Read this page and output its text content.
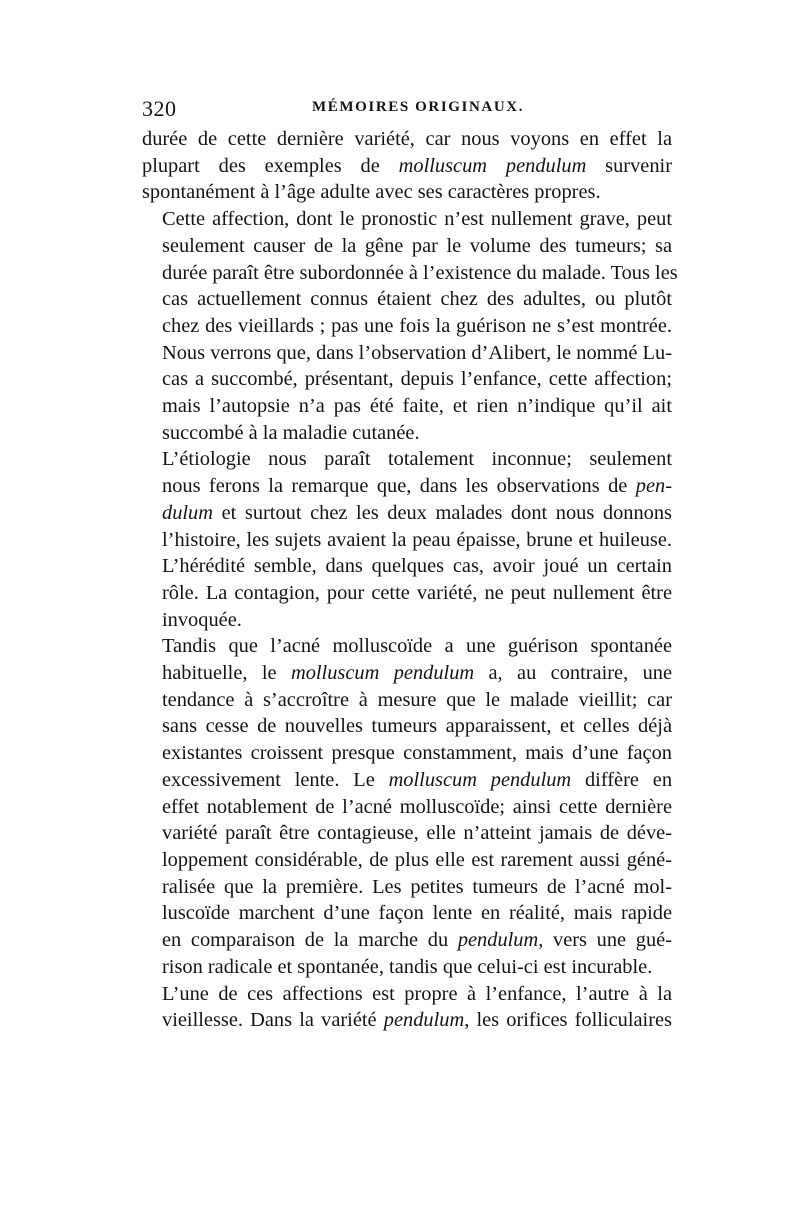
320	MÉMOIRES ORIGINAUX.

durée de cette dernière variété, car nous voyons en effet la
plupart des exemples de molluscum pendulum survenir
spontanément à l’âge adulte avec ses caractères propres.

Cette affection, dont le pronostic n’est nullement grave, peut
seulement causer de la gêne par le volume des tumeurs; sa
durée paraît être subordonnée à l’existence du malade. Tous les
cas actuellement connus étaient chez des adultes, ou plutôt
chez des vieillards ; pas une fois la guérison ne s’est montrée.
Nous verrons que, dans l’observation d’Alibert, le nommé Lu-
cas a succombé, présentant, depuis l’enfance, cette affection;
mais l’autopsie n’a pas été faite, et rien n’indique qu’il ait
succombé à la maladie cutanée.

L’étiologie nous paraît totalement inconnue; seulement
nous ferons la remarque que, dans les observations de pen-
dulum et surtout chez les deux malades dont nous donnons
l’histoire, les sujets avaient la peau épaisse, brune et huileuse.
L’hérédité semble, dans quelques cas, avoir joué un certain
rôle. La contagion, pour cette variété, ne peut nullement être
invoquée.

Tandis que l’acné molluscoïde a une guérison spontanée
habituelle, le molluscum pendulum a, au contraire, une
tendance à s’accroître à mesure que le malade vieillit; car
sans cesse de nouvelles tumeurs apparaissent, et celles déjà
existantes croissent presque constamment, mais d’une façon
excessivement lente. Le molluscum pendulum diffère en
effet notablement de l’acné molluscoïde; ainsi cette dernière
variété paraît être contagieuse, elle n’atteint jamais de déve-
loppement considérable, de plus elle est rarement aussi géné-
ralisée que la première. Les petites tumeurs de l’acné mol-
luscoïde marchent d’une façon lente en réalité, mais rapide
en comparaison de la marche du pendulum, vers une gué-
rison radicale et spontanée, tandis que celui-ci est incurable.

L’une de ces affections est propre à l’enfance, l’autre à la
vieillesse. Dans la variété pendulum, les orifices folliculaires
